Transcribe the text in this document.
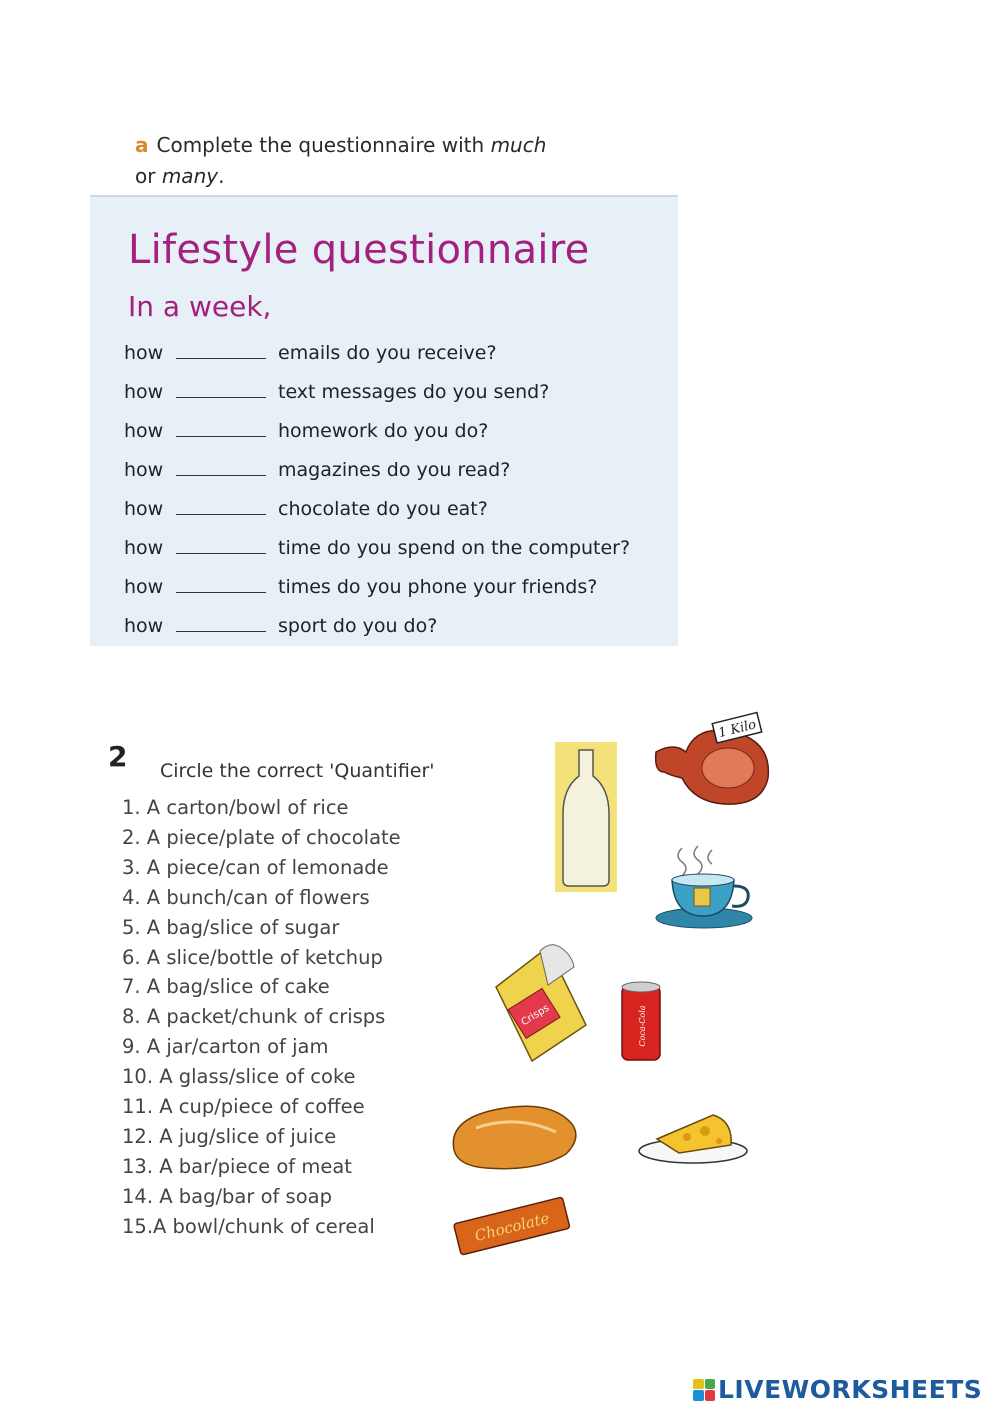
a Complete the questionnaire with much
or many.
Lifestyle questionnaire
In a week,
how	emails do you receive?
how	text messages do you send?
how	homework do you do?
how	magazines do you read?
how	chocolate do you eat?
how	time do you spend on the computer?
how	times do you phone your friends?
how	sport do you do?
2 Circle the correct 'Quantifier'
1. A carton/bowl of rice
2. A piece/plate of chocolate
3. A piece/can of lemonade
4. A bunch/can of flowers
5. A bag/slice of sugar
6. A slice/bottle of ketchup
7. A bag/slice of cake
8. A packet/chunk of crisps
9. A jar/carton of jam
10. A glass/slice of coke
11. A cup/piece of coffee
12. A jug/slice of juice
13. A bar/piece of meat
14. A bag/bar of soap
15.A bowl/chunk of cereal
1 Kilo
Crisps	Coca-Cola
Chocolate
LIVEWORKSHEETS
